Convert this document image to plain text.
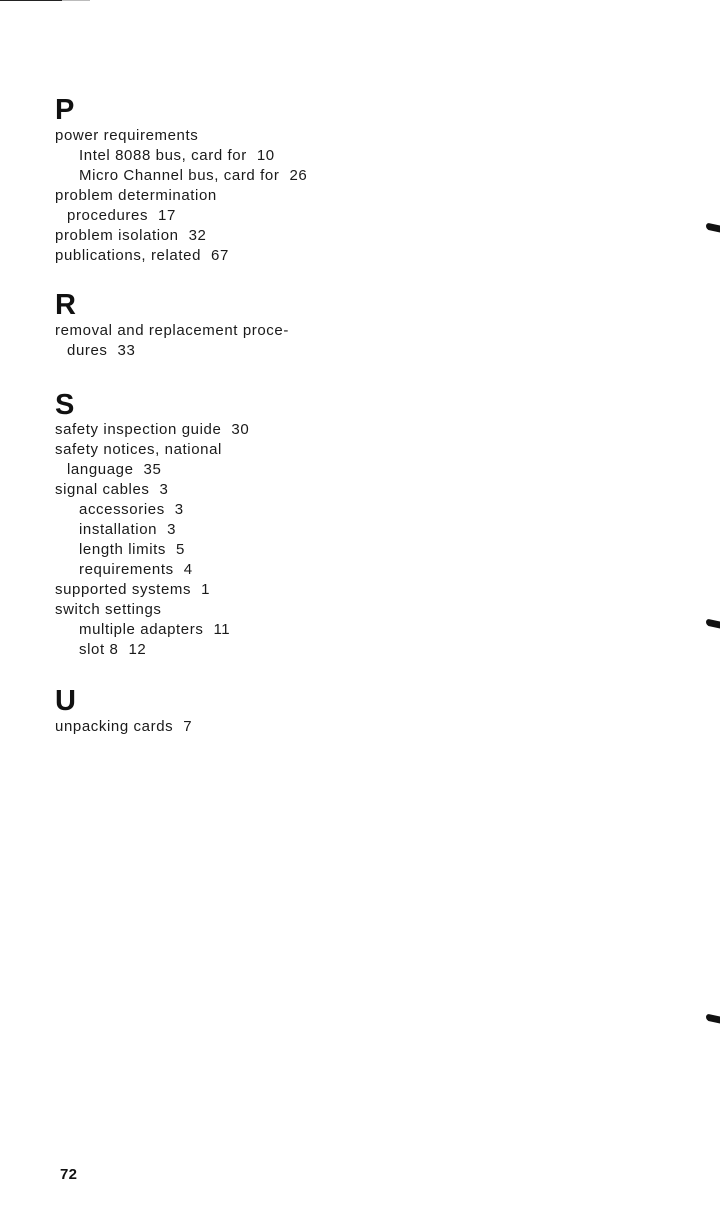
P
power requirements
Intel 8088 bus, card for 10
Micro Channel bus, card for 26
problem determination
procedures 17
problem isolation 32
publications, related 67
R
removal and replacement proce-
dures 33
S
safety inspection guide 30
safety notices, national
language 35
signal cables 3
accessories 3
installation 3
length limits 5
requirements 4
supported systems 1
switch settings
multiple adapters 11
slot 8 12
U
unpacking cards 7
72
